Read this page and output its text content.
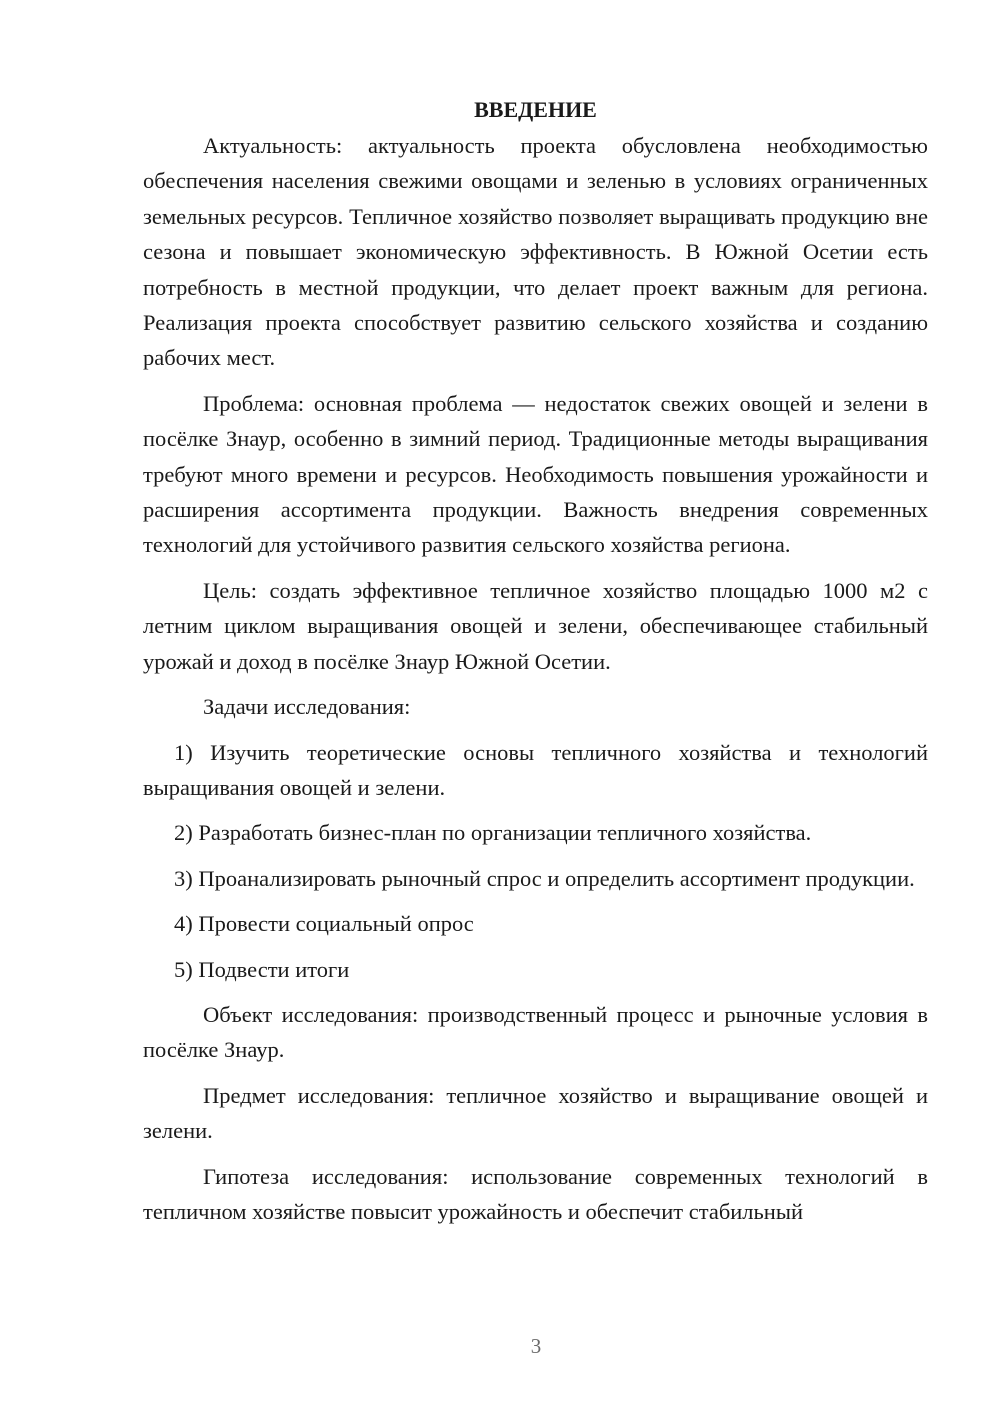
ВВЕДЕНИЕ

Актуальность: актуальность проекта обусловлена необходимостью обеспечения населения свежими овощами и зеленью в условиях ограниченных земельных ресурсов. Тепличное хозяйство позволяет выращивать продукцию вне сезона и повышает экономическую эффективность. В Южной Осетии есть потребность в местной продукции, что делает проект важным для региона. Реализация проекта способствует развитию сельского хозяйства и созданию рабочих мест.

Проблема: основная проблема — недостаток свежих овощей и зелени в посёлке Знаур, особенно в зимний период. Традиционные методы выращивания требуют много времени и ресурсов. Необходимость повышения урожайности и расширения ассортимента продукции. Важность внедрения современных технологий для устойчивого развития сельского хозяйства региона.

Цель: создать эффективное тепличное хозяйство площадью 1000 м2 с летним циклом выращивания овощей и зелени, обеспечивающее стабильный урожай и доход в посёлке Знаур Южной Осетии.

Задачи исследования:

1) Изучить теоретические основы тепличного хозяйства и технологий выращивания овощей и зелени.

2) Разработать бизнес-план по организации тепличного хозяйства.

3) Проанализировать рыночный спрос и определить ассортимент продукции.

4) Провести социальный опрос

5) Подвести итоги

Объект исследования: производственный процесс и рыночные условия в посёлке Знаур.

Предмет исследования: тепличное хозяйство и выращивание овощей и зелени.

Гипотеза исследования: использование современных технологий в тепличном хозяйстве повысит урожайность и обеспечит стабильный

3
